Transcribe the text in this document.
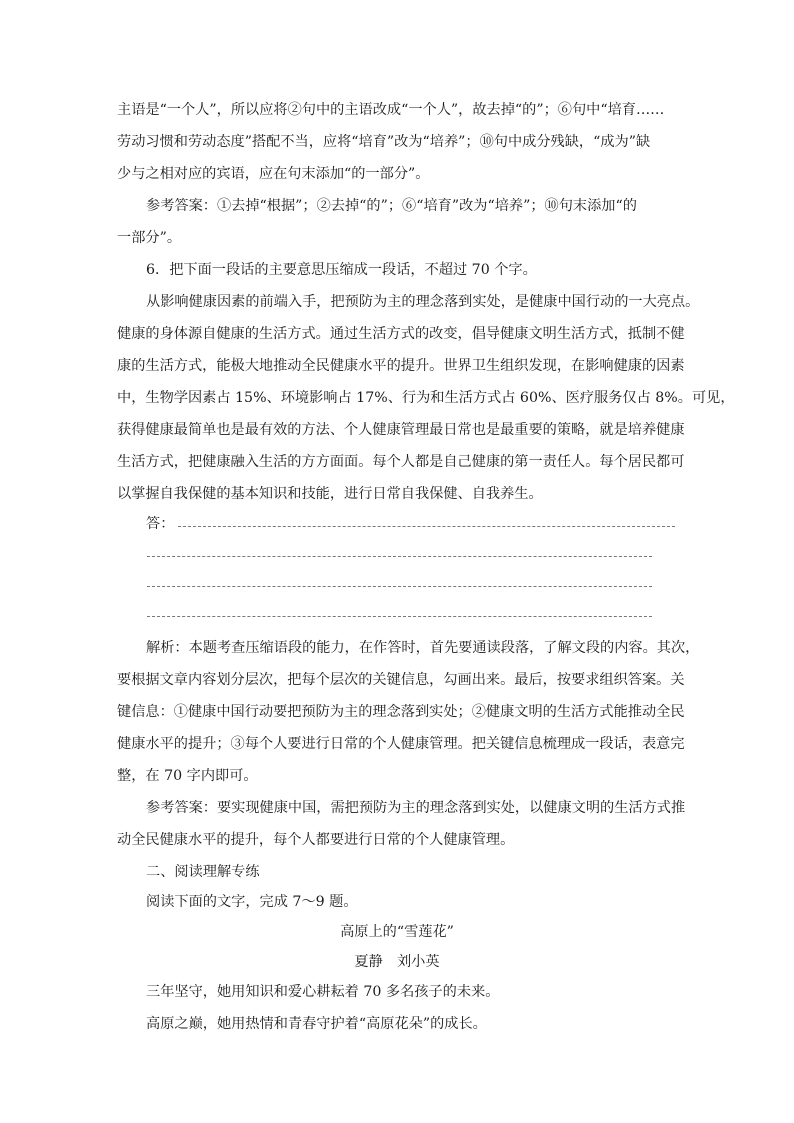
主语是“一个人”，所以应将②句中的主语改成“一个人”，故去掉“的”；⑥句中“培育……
劳动习惯和劳动态度”搭配不当，应将“培育”改为“培养”；⑩句中成分残缺，“成为”缺
少与之相对应的宾语，应在句末添加“的一部分”。
参考答案：①去掉“根据”；②去掉“的”；⑥“培育”改为“培养”；⑩句末添加“的
一部分”。
6．把下面一段话的主要意思压缩成一段话，不超过 70 个字。
从影响健康因素的前端入手，把预防为主的理念落到实处，是健康中国行动的一大亮点。
健康的身体源自健康的生活方式。通过生活方式的改变，倡导健康文明生活方式，抵制不健
康的生活方式，能极大地推动全民健康水平的提升。世界卫生组织发现，在影响健康的因素
中，生物学因素占 15%、环境影响占 17%、行为和生活方式占 60%、医疗服务仅占 8%。可见，
获得健康最简单也是最有效的方法、个人健康管理最日常也是最重要的策略，就是培养健康
生活方式，把健康融入生活的方方面面。每个人都是自己健康的第一责任人。每个居民都可
以掌握自我保健的基本知识和技能，进行日常自我保健、自我养生。
答：
解析：本题考查压缩语段的能力，在作答时，首先要通读段落，了解文段的内容。其次，
要根据文章内容划分层次，把每个层次的关键信息，勾画出来。最后，按要求组织答案。关
键信息：①健康中国行动要把预防为主的理念落到实处；②健康文明的生活方式能推动全民
健康水平的提升；③每个人要进行日常的个人健康管理。把关键信息梳理成一段话，表意完
整，在 70 字内即可。
参考答案：要实现健康中国，需把预防为主的理念落到实处，以健康文明的生活方式推
动全民健康水平的提升，每个人都要进行日常的个人健康管理。
二、阅读理解专练
阅读下面的文字，完成 7～9 题。
高原上的“雪莲花”
夏静　刘小英
三年坚守，她用知识和爱心耕耘着 70 多名孩子的未来。
高原之巅，她用热情和青春守护着“高原花朵”的成长。
